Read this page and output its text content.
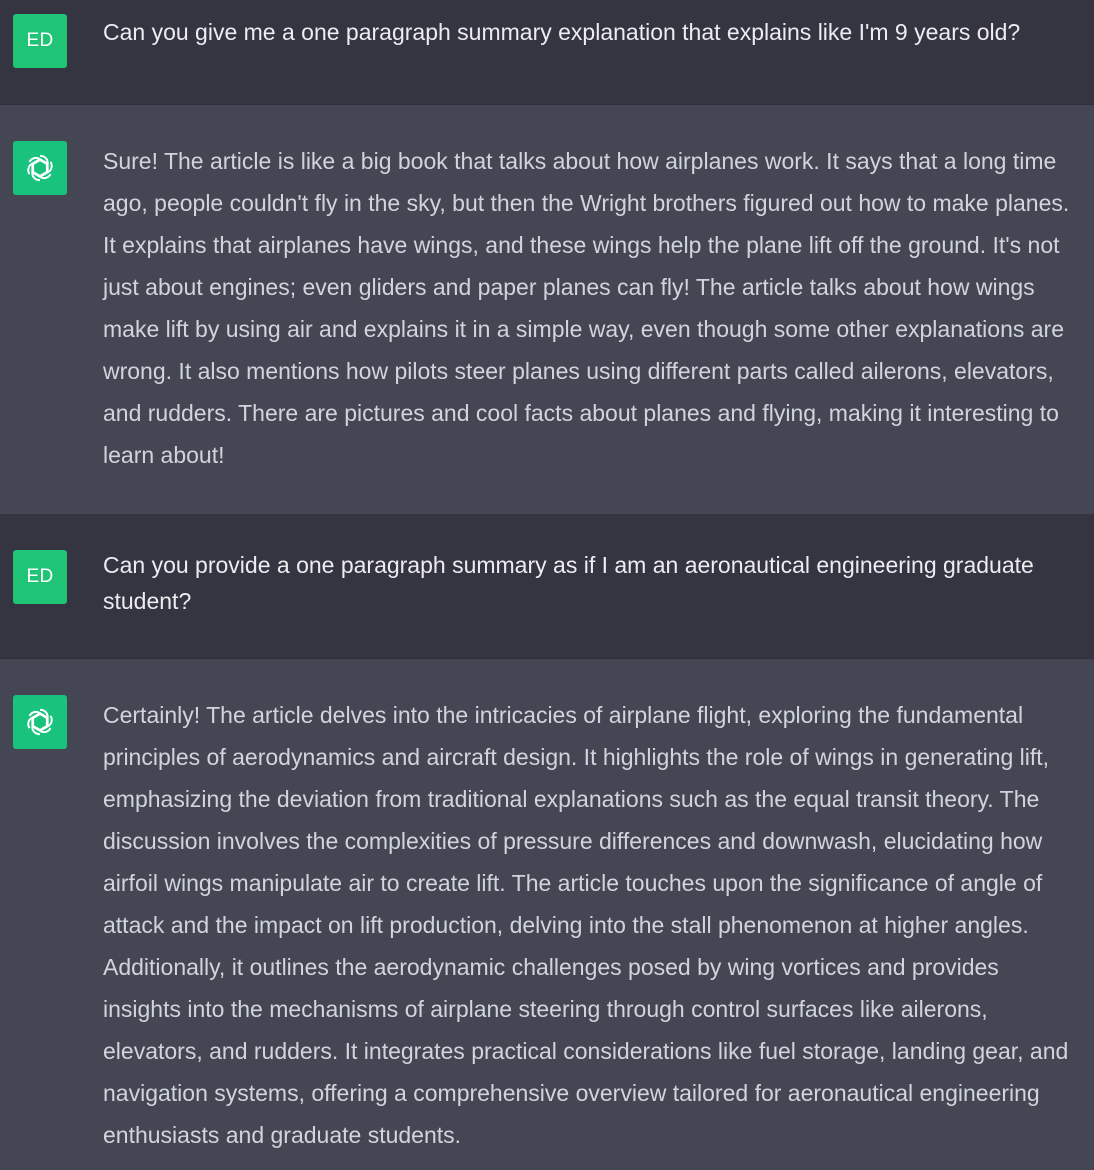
ED	Can you give me a one paragraph summary explanation that explains like I'm 9 years old?

Sure! The article is like a big book that talks about how airplanes work. It says that a long time ago, people couldn't fly in the sky, but then the Wright brothers figured out how to make planes. It explains that airplanes have wings, and these wings help the plane lift off the ground. It's not just about engines; even gliders and paper planes can fly! The article talks about how wings make lift by using air and explains it in a simple way, even though some other explanations are wrong. It also mentions how pilots steer planes using different parts called ailerons, elevators, and rudders. There are pictures and cool facts about planes and flying, making it interesting to learn about!

ED	Can you provide a one paragraph summary as if I am an aeronautical engineering graduate student?

Certainly! The article delves into the intricacies of airplane flight, exploring the fundamental principles of aerodynamics and aircraft design. It highlights the role of wings in generating lift, emphasizing the deviation from traditional explanations such as the equal transit theory. The discussion involves the complexities of pressure differences and downwash, elucidating how airfoil wings manipulate air to create lift. The article touches upon the significance of angle of attack and the impact on lift production, delving into the stall phenomenon at higher angles. Additionally, it outlines the aerodynamic challenges posed by wing vortices and provides insights into the mechanisms of airplane steering through control surfaces like ailerons, elevators, and rudders. It integrates practical considerations like fuel storage, landing gear, and navigation systems, offering a comprehensive overview tailored for aeronautical engineering enthusiasts and graduate students.
